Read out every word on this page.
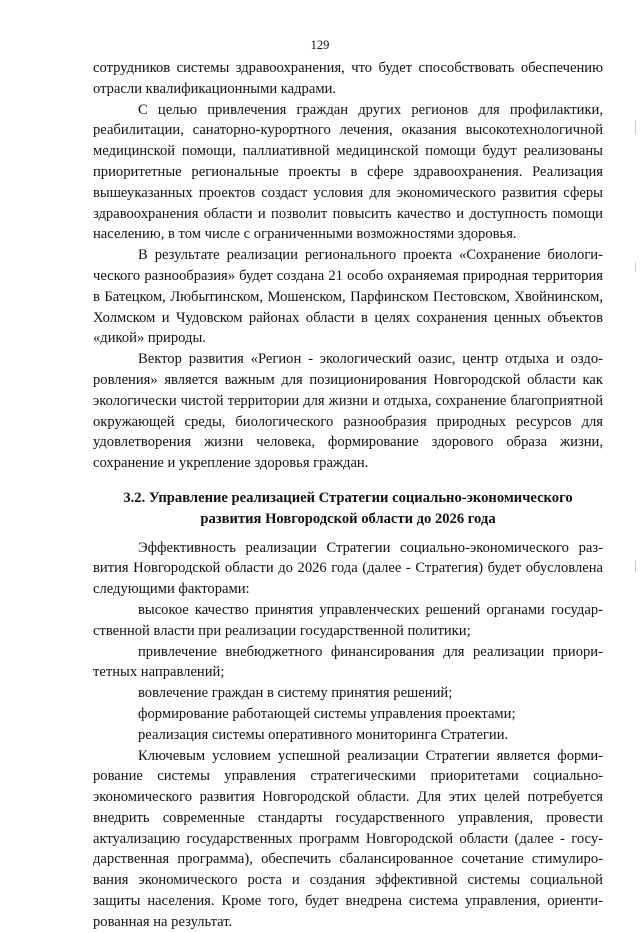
129

сотрудников системы здравоохранения, что будет способствовать обеспечению отрасли квалификационными кадрами.

С целью привлечения граждан других регионов для профилактики, реабилитации, санаторно-курортного лечения, оказания высокотехнологичной медицинской помощи, паллиативной медицинской помощи будут реализованы приоритетные региональные проекты в сфере здравоохранения. Реализация вышеуказанных проектов создаст условия для экономического развития сферы здравоохранения области и позволит повысить качество и доступность помощи населению, в том числе с ограниченными возможностями здоровья.

В результате реализации регионального проекта «Сохранение биологического разнообразия» будет создана 21 особо охраняемая природная территория в Батецком, Любытинском, Мошенском, Парфинском Пестовском, Хвойнинском, Холмском и Чудовском районах области в целях сохранения ценных объектов «дикой» природы.

Вектор развития «Регион - экологический оазис, центр отдыха и оздоровления» является важным для позиционирования Новгородской области как экологически чистой территории для жизни и отдыха, сохранение благоприятной окружающей среды, биологического разнообразия природных ресурсов для удовлетворения жизни человека, формирование здорового образа жизни, сохранение и укрепление здоровья граждан.

3.2. Управление реализацией Стратегии социально-экономического
развития Новгородской области до 2026 года

Эффективность реализации Стратегии социально-экономического развития Новгородской области до 2026 года (далее - Стратегия) будет обусловлена следующими факторами:

высокое качество принятия управленческих решений органами государственной власти при реализации государственной политики;

привлечение внебюджетного финансирования для реализации приоритетных направлений;

вовлечение граждан в систему принятия решений;

формирование работающей системы управления проектами;

реализация системы оперативного мониторинга Стратегии.

Ключевым условием успешной реализации Стратегии является формирование системы управления стратегическими приоритетами социально-экономического развития Новгородской области. Для этих целей потребуется внедрить современные стандарты государственного управления, провести актуализацию государственных программ Новгородской области (далее - государственная программа), обеспечить сбалансированное сочетание стимулирования экономического роста и создания эффективной системы социальной защиты населения. Кроме того, будет внедрена система управления, ориентированная на результат.
